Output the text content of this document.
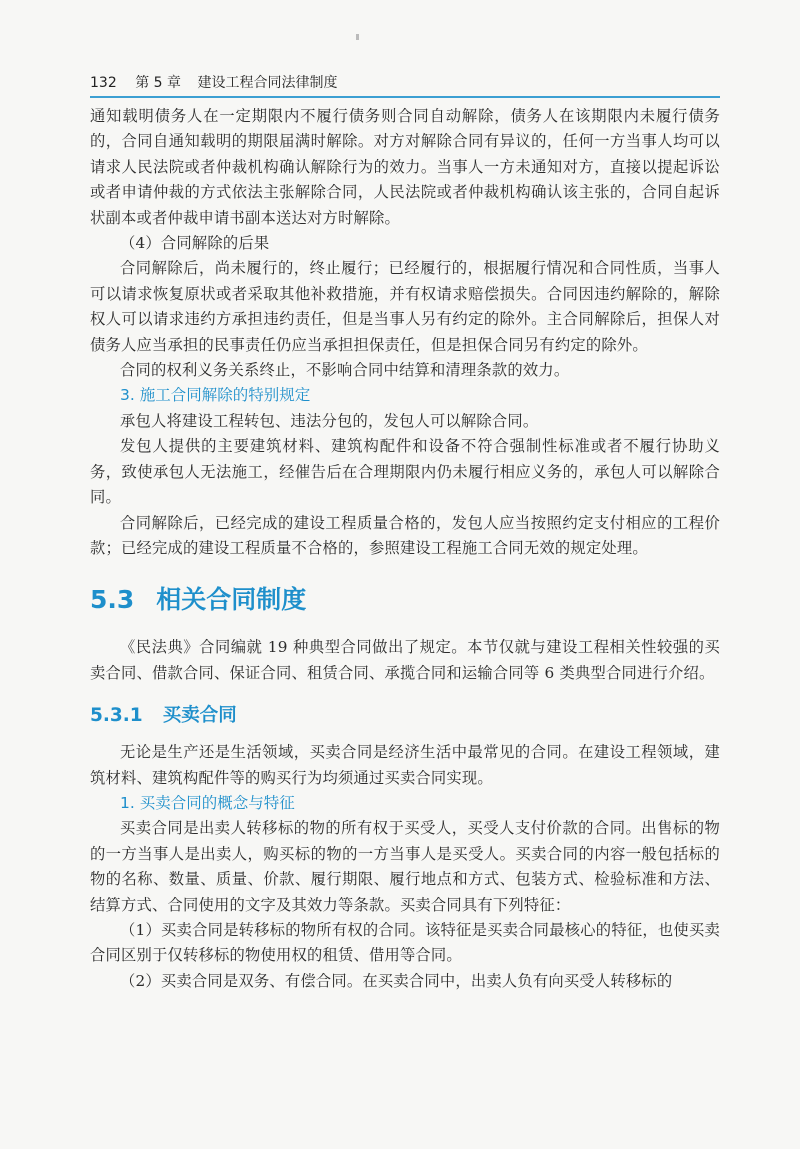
132 第 5 章 建设工程合同法律制度

通知载明债务人在一定期限内不履行债务则合同自动解除，债务人在该期限内未履行债务的，合同自通知载明的期限届满时解除。对方对解除合同有异议的，任何一方当事人均可以请求人民法院或者仲裁机构确认解除行为的效力。当事人一方未通知对方，直接以提起诉讼或者申请仲裁的方式依法主张解除合同，人民法院或者仲裁机构确认该主张的，合同自起诉状副本或者仲裁申请书副本送达对方时解除。

（4）合同解除的后果

合同解除后，尚未履行的，终止履行；已经履行的，根据履行情况和合同性质，当事人可以请求恢复原状或者采取其他补救措施，并有权请求赔偿损失。合同因违约解除的，解除权人可以请求违约方承担违约责任，但是当事人另有约定的除外。主合同解除后，担保人对债务人应当承担的民事责任仍应当承担担保责任，但是担保合同另有约定的除外。

合同的权利义务关系终止，不影响合同中结算和清理条款的效力。

3. 施工合同解除的特别规定

承包人将建设工程转包、违法分包的，发包人可以解除合同。

发包人提供的主要建筑材料、建筑构配件和设备不符合强制性标准或者不履行协助义务，致使承包人无法施工，经催告后在合理期限内仍未履行相应义务的，承包人可以解除合同。

合同解除后，已经完成的建设工程质量合格的，发包人应当按照约定支付相应的工程价款；已经完成的建设工程质量不合格的，参照建设工程施工合同无效的规定处理。

5.3 相关合同制度

《民法典》合同编就 19 种典型合同做出了规定。本节仅就与建设工程相关性较强的买卖合同、借款合同、保证合同、租赁合同、承揽合同和运输合同等 6 类典型合同进行介绍。

5.3.1 买卖合同

无论是生产还是生活领域，买卖合同是经济生活中最常见的合同。在建设工程领域，建筑材料、建筑构配件等的购买行为均须通过买卖合同实现。

1. 买卖合同的概念与特征

买卖合同是出卖人转移标的物的所有权于买受人，买受人支付价款的合同。出售标的物的一方当事人是出卖人，购买标的物的一方当事人是买受人。买卖合同的内容一般包括标的物的名称、数量、质量、价款、履行期限、履行地点和方式、包装方式、检验标准和方法、结算方式、合同使用的文字及其效力等条款。买卖合同具有下列特征：

（1）买卖合同是转移标的物所有权的合同。该特征是买卖合同最核心的特征，也使买卖合同区别于仅转移标的物使用权的租赁、借用等合同。

（2）买卖合同是双务、有偿合同。在买卖合同中，出卖人负有向买受人转移标的
